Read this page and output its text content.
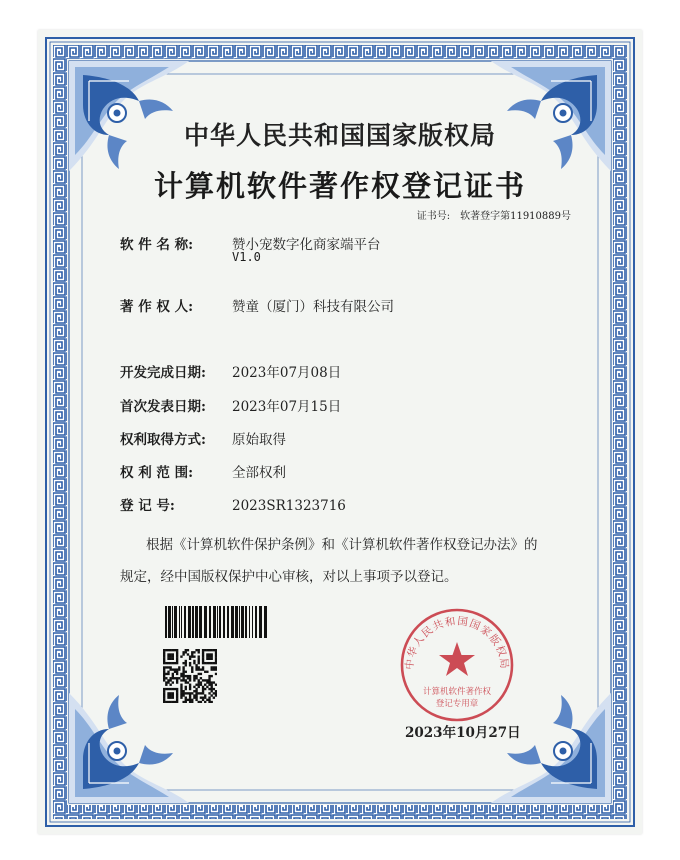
中华人民共和国国家版权局
计算机软件著作权登记证书
证书号: 软著登字第11910889号
软 件 名 称:	赞小宠数字化商家端平台
V1.0
著 作 权 人:	赞童（厦门）科技有限公司
开发完成日期: 2023年07月08日
首次发表日期: 2023年07月15日
权利取得方式: 原始取得
权 利 范 围:	全部权利
登 记 号:	2023SR1323716
根据《计算机软件保护条例》和《计算机软件著作权登记办法》的
规定，经中国版权保护中心审核，对以上事项予以登记。
中华人民共和国国家版权局
计算机软件著作权
登记专用章
2023年10月27日
